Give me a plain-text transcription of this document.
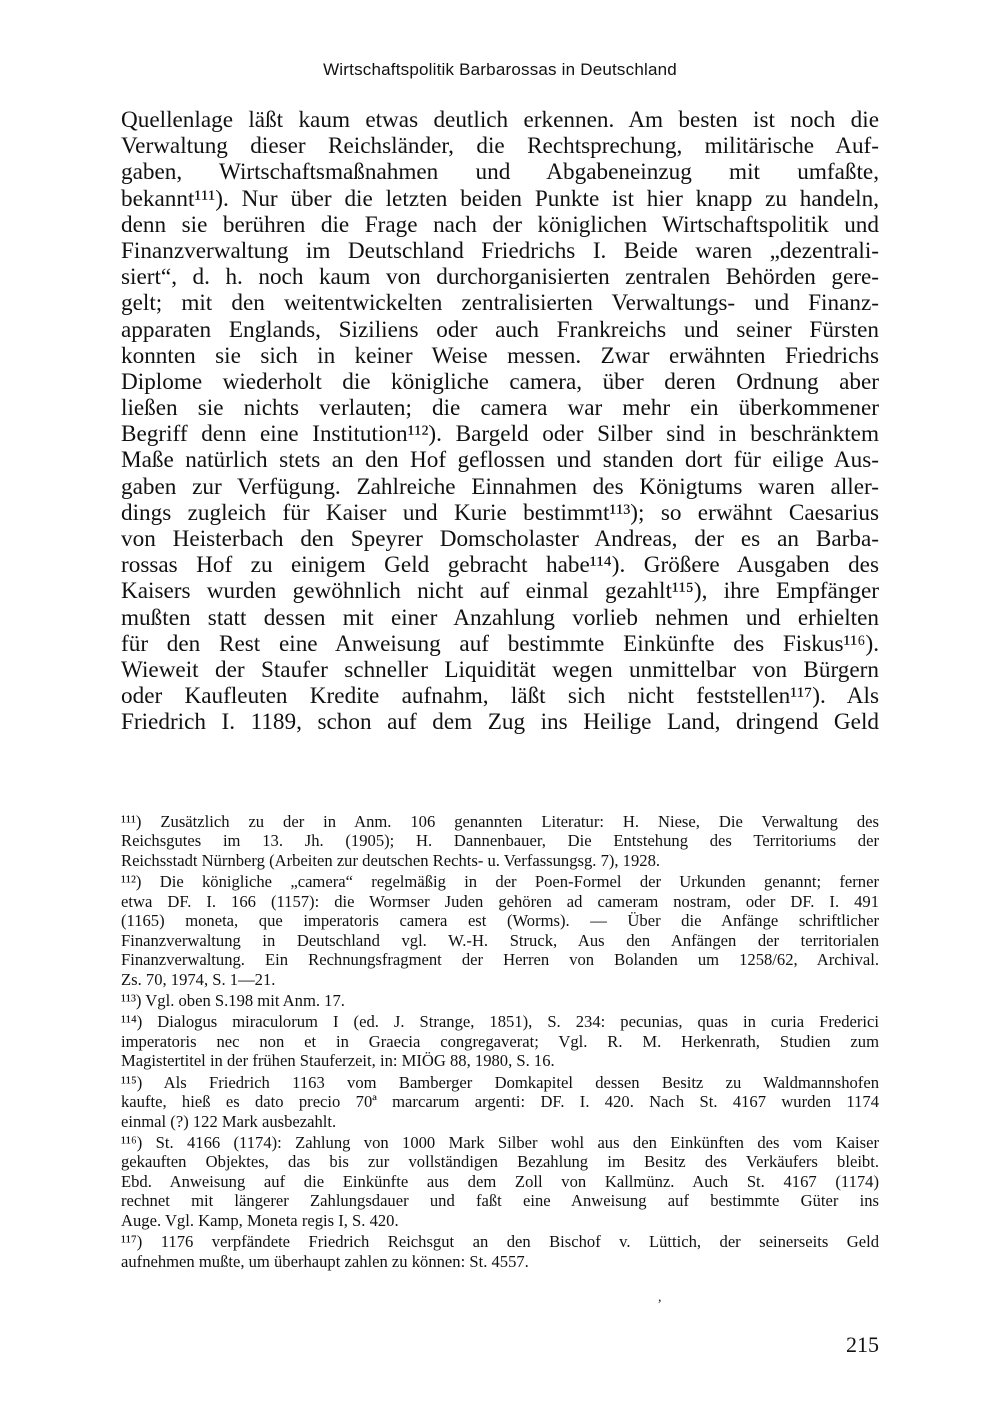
Wirtschaftspolitik Barbarossas in Deutschland
Quellenlage läßt kaum etwas deutlich erkennen. Am besten ist noch die
Verwaltung dieser Reichsländer, die Rechtsprechung, militärische Auf-
gaben, Wirtschaftsmaßnahmen und Abgabeneinzug mit umfaßte,
bekannt¹¹¹). Nur über die letzten beiden Punkte ist hier knapp zu handeln,
denn sie berühren die Frage nach der königlichen Wirtschaftspolitik und
Finanzverwaltung im Deutschland Friedrichs I. Beide waren „dezentrali-
siert“, d. h. noch kaum von durchorganisierten zentralen Behörden gere-
gelt; mit den weitentwickelten zentralisierten Verwaltungs- und Finanz-
apparaten Englands, Siziliens oder auch Frankreichs und seiner Fürsten
konnten sie sich in keiner Weise messen. Zwar erwähnten Friedrichs
Diplome wiederholt die königliche camera, über deren Ordnung aber
ließen sie nichts verlauten; die camera war mehr ein überkommener
Begriff denn eine Institution¹¹²). Bargeld oder Silber sind in beschränktem
Maße natürlich stets an den Hof geflossen und standen dort für eilige Aus-
gaben zur Verfügung. Zahlreiche Einnahmen des Königtums waren aller-
dings zugleich für Kaiser und Kurie bestimmt¹¹³); so erwähnt Caesarius
von Heisterbach den Speyrer Domscholaster Andreas, der es an Barba-
rossas Hof zu einigem Geld gebracht habe¹¹⁴). Größere Ausgaben des
Kaisers wurden gewöhnlich nicht auf einmal gezahlt¹¹⁵), ihre Empfänger
mußten statt dessen mit einer Anzahlung vorlieb nehmen und erhielten
für den Rest eine Anweisung auf bestimmte Einkünfte des Fiskus¹¹⁶).
Wieweit der Staufer schneller Liquidität wegen unmittelbar von Bürgern
oder Kaufleuten Kredite aufnahm, läßt sich nicht feststellen¹¹⁷). Als
Friedrich I. 1189, schon auf dem Zug ins Heilige Land, dringend Geld
¹¹¹) Zusätzlich zu der in Anm. 106 genannten Literatur: H. Niese, Die Verwaltung des
Reichsgutes im 13. Jh. (1905); H. Dannenbauer, Die Entstehung des Territoriums der
Reichsstadt Nürnberg (Arbeiten zur deutschen Rechts- u. Verfassungsg. 7), 1928.
¹¹²) Die königliche „camera“ regelmäßig in der Poen-Formel der Urkunden genannt; ferner
etwa DF. I. 166 (1157): die Wormser Juden gehören ad cameram nostram, oder DF. I. 491
(1165) moneta, que imperatoris camera est (Worms). — Über die Anfänge schriftlicher
Finanzverwaltung in Deutschland vgl. W.-H. Struck, Aus den Anfängen der territorialen
Finanzverwaltung. Ein Rechnungsfragment der Herren von Bolanden um 1258/62, Archival.
Zs. 70, 1974, S. 1—21.
¹¹³) Vgl. oben S.198 mit Anm. 17.
¹¹⁴) Dialogus miraculorum I (ed. J. Strange, 1851), S. 234: pecunias, quas in curia Frederici
imperatoris nec non et in Graecia congregaverat; Vgl. R. M. Herkenrath, Studien zum
Magistertitel in der frühen Stauferzeit, in: MIÖG 88, 1980, S. 16.
¹¹⁵) Als Friedrich 1163 vom Bamberger Domkapitel dessen Besitz zu Waldmannshofen
kaufte, hieß es dato precio 70ª marcarum argenti: DF. I. 420. Nach St. 4167 wurden 1174
einmal (?) 122 Mark ausbezahlt.
¹¹⁶) St. 4166 (1174): Zahlung von 1000 Mark Silber wohl aus den Einkünften des vom Kaiser
gekauften Objektes, das bis zur vollständigen Bezahlung im Besitz des Verkäufers bleibt.
Ebd. Anweisung auf die Einkünfte aus dem Zoll von Kallmünz. Auch St. 4167 (1174)
rechnet mit längerer Zahlungsdauer und faßt eine Anweisung auf bestimmte Güter ins
Auge. Vgl. Kamp, Moneta regis I, S. 420.
¹¹⁷) 1176 verpfändete Friedrich Reichsgut an den Bischof v. Lüttich, der seinerseits Geld
aufnehmen mußte, um überhaupt zahlen zu können: St. 4557.
,
215
